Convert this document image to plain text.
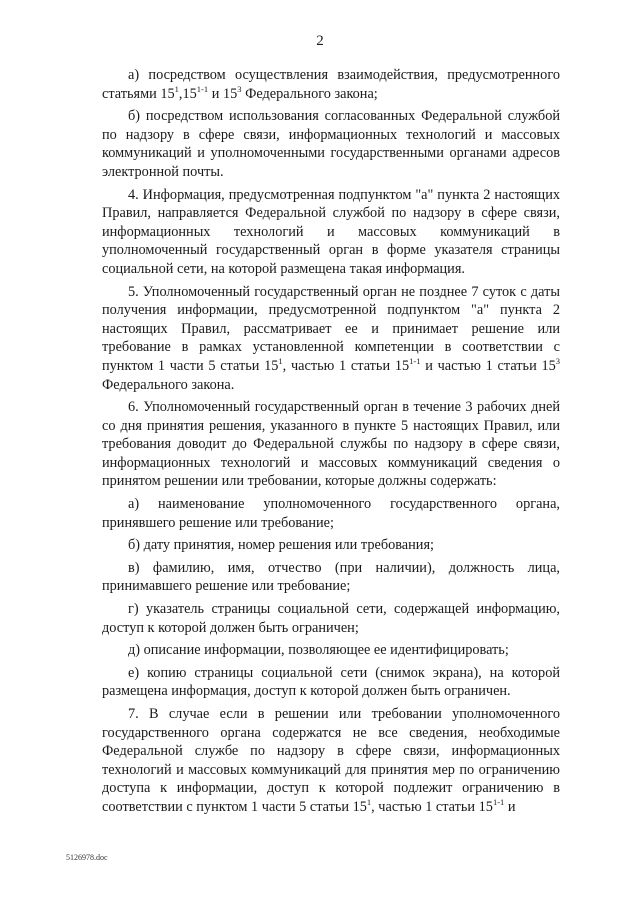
2

а) посредством осуществления взаимодействия, предусмотренного статьями $15^1,15^{1-1}$ и $15^3$ Федерального закона;

б) посредством использования согласованных Федеральной службой по надзору в сфере связи, информационных технологий и массовых коммуникаций и уполномоченными государственными органами адресов электронной почты.

4. Информация, предусмотренная подпунктом "а" пункта 2 настоящих Правил, направляется Федеральной службой по надзору в сфере связи, информационных технологий и массовых коммуникаций в уполномоченный государственный орган в форме указателя страницы социальной сети, на которой размещена такая информация.

5. Уполномоченный государственный орган не позднее 7 суток с даты получения информации, предусмотренной подпунктом "а" пункта 2 настоящих Правил, рассматривает ее и принимает решение или требование в рамках установленной компетенции в соответствии с пунктом 1 части 5 статьи $15^1$, частью 1 статьи 15$^{1-1}$ и частью 1 статьи $15^3$ Федерального закона.

6. Уполномоченный государственный орган в течение 3 рабочих дней со дня принятия решения, указанного в пункте 5 настоящих Правил, или требования доводит до Федеральной службы по надзору в сфере связи, информационных технологий и массовых коммуникаций сведения о принятом решении или требовании, которые должны содержать:

а) наименование уполномоченного государственного органа, принявшего решение или требование;

б) дату принятия, номер решения или требования;

в) фамилию, имя, отчество (при наличии), должность лица, принимавшего решение или требование;

г) указатель страницы социальной сети, содержащей информацию, доступ к которой должен быть ограничен;

д) описание информации, позволяющее ее идентифицировать;

е) копию страницы социальной сети (снимок экрана), на которой размещена информация, доступ к которой должен быть ограничен.

7. В случае если в решении или требовании уполномоченного государственного органа содержатся не все сведения, необходимые Федеральной службе по надзору в сфере связи, информационных технологий и массовых коммуникаций для принятия мер по ограничению доступа к информации, доступ к которой подлежит ограничению в соответствии с пунктом 1 части 5 статьи $15^1$, частью 1 статьи 15$^{1-1}$ и

5126978.doc
